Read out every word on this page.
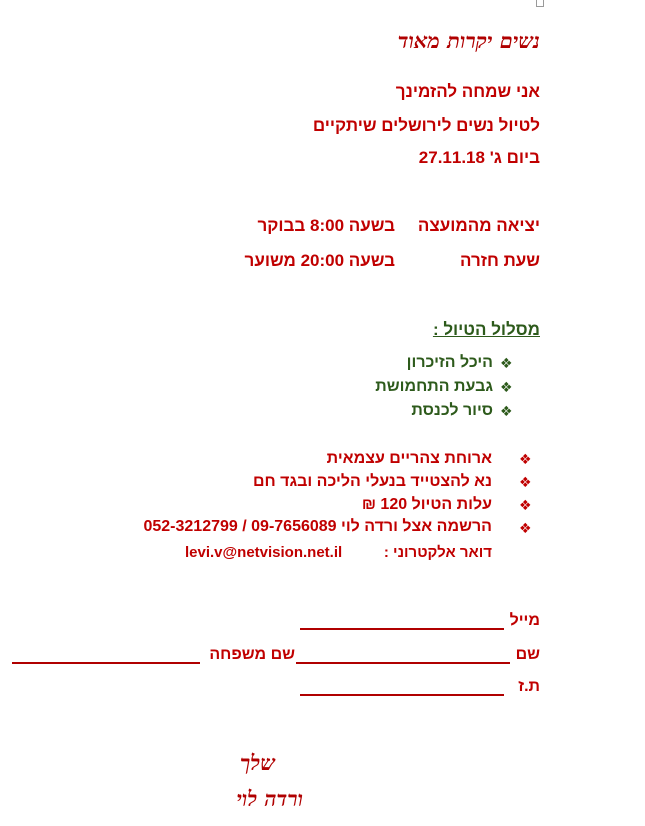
נשים יקרות מאוד
אני שמחה להזמינך
לטיול נשים לירושלים שיתקיים
ביום ג' 27.11.18
יציאה מהמועצה
בשעה 8:00 בבוקר
שעת חזרה
בשעה 20:00 משוער
מסלול הטיול :
❖
היכל הזיכרון
❖
גבעת התחמושת
❖
סיור לכנסת
❖
ארוחת צהריים עצמאית
❖
נא להצטייד בנעלי הליכה ובגד חם
❖
עלות הטיול 120 ₪
❖
הרשמה אצל ורדה לוי 09-7656089 / 052-3212799
דואר אלקטרוני :
levi.v@netvision.net.il
מייל
שם
שם משפחה
ת.ז
שלך
ורדה לוי
